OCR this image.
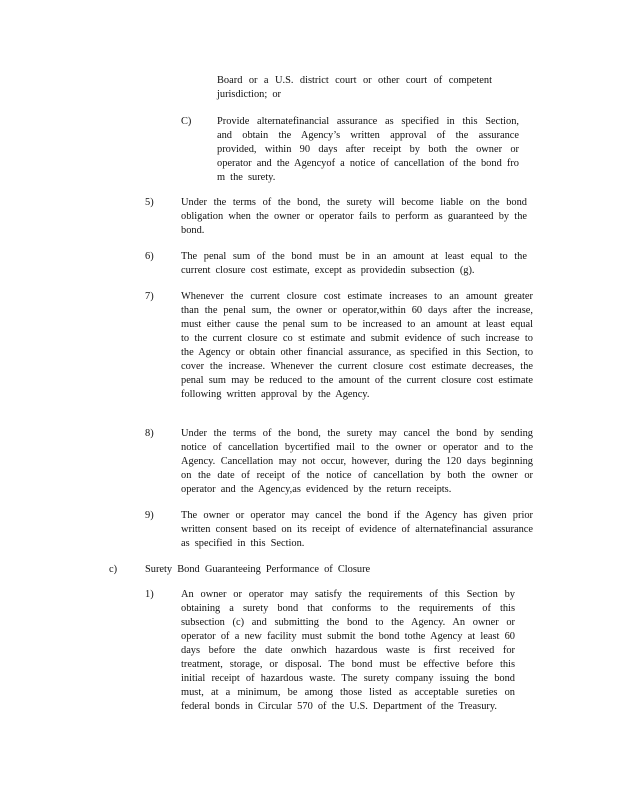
Board or a U.S. district court or other court of competent jurisdiction; or

C) Provide alternatefinancial assurance as specified in this Section, and obtain the Agency’s written approval of the assurance provided, within 90 days after receipt by both the owner or operator and the Agencyof a notice of cancellation of the bond fro m the surety.

5)	Under the terms of the bond, the surety will become liable on the bond obligation when the owner or operator fails to perform as guaranteed by the bond.

6)	The penal sum of the bond must be in an amount at least equal to the current closure cost estimate, except as providedin subsection (g).

7)	Whenever the current closure cost estimate increases to an amount greater than the penal sum, the owner or operator,within 60 days after the increase, must either cause the penal sum to be increased to an amount at least equal to the current closure co st estimate and submit evidence of such increase to the Agency or obtain other financial assurance, as specified in this Section, to cover the increase. Whenever the current closure cost estimate decreases, the penal sum may be reduced to the amount of the current closure cost estimate following written approval by the Agency.

8)	Under the terms of the bond, the surety may cancel the bond by sending notice of cancellation bycertified mail to the owner or operator and to the Agency. Cancellation may not occur, however, during the 120 days beginning on the date of receipt of the notice of cancellation by both the owner or operator and the Agency,as evidenced by the return receipts.

9)	The owner or operator may cancel the bond if the Agency has given prior written consent based on its receipt of evidence of alternatefinancial assurance as specified in this Section.

c)	Surety Bond Guaranteeing Performance of Closure

1)	An owner or operator may satisfy the requirements of this Section by obtaining a surety bond that conforms to the requirements of this subsection (c) and submitting the bond to the Agency. An owner or operator of a new facility must submit the bond tothe Agency at least 60 days before the date onwhich hazardous waste is first received for treatment, storage, or disposal. The bond must be effective before this initial receipt of hazardous waste. The surety company issuing the bond must, at a minimum, be among those listed as acceptable sureties on federal bonds in Circular 570 of the U.S. Department of the Treasury.
